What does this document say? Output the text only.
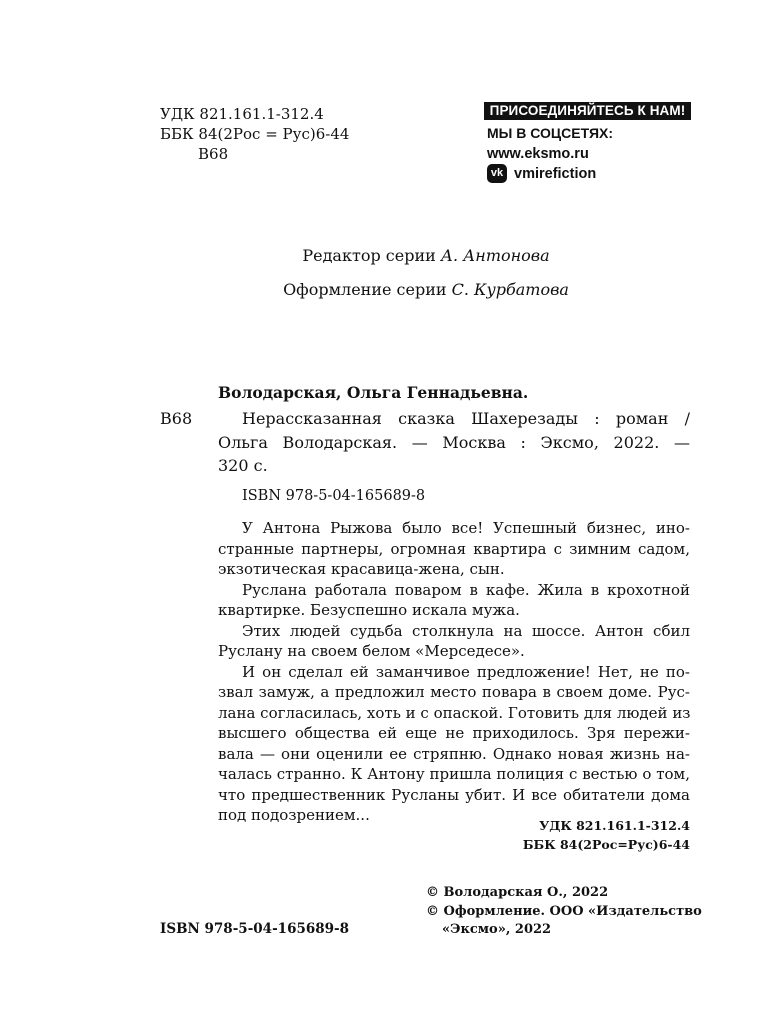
УДК 821.161.1-312.4
ББК 84(2Рос = Рус)6-44
В68
ПРИСОЕДИНЯЙТЕСЬ К НАМ!
МЫ В СОЦСЕТЯХ:
www.eksmo.ru
vk vmirefiction
Редактор серии А. Антонова
Оформление серии С. Курбатова
Володарская, Ольга Геннадьевна.
В68	Нерассказанная сказка Шахерезады : роман /
Ольга Володарская. — Москва : Эксмо, 2022. —
320 с.
ISBN 978-5-04-165689-8
У Антона Рыжова было все! Успешный бизнес, ино-
странные партнеры, огромная квартира с зимним садом,
экзотическая красавица-жена, сын.
Руслана работала поваром в кафе. Жила в крохотной
квартирке. Безуспешно искала мужа.
Этих людей судьба столкнула на шоссе. Антон сбил
Руслану на своем белом «Мерседесе».
И он сделал ей заманчивое предложение! Нет, не по-
звал замуж, а предложил место повара в своем доме. Рус-
лана согласилась, хоть и с опаской. Готовить для людей из
высшего общества ей еще не приходилось. Зря пережи-
вала — они оценили ее стряпню. Однако новая жизнь на-
чалась странно. К Антону пришла полиция с вестью о том,
что предшественник Русланы убит. И все обитатели дома
под подозрением...
УДК 821.161.1-312.4
ББК 84(2Рос=Рус)6-44
ISBN 978-5-04-165689-8
© Володарская О., 2022
© Оформление. ООО «Издательство
«Эксмо», 2022
